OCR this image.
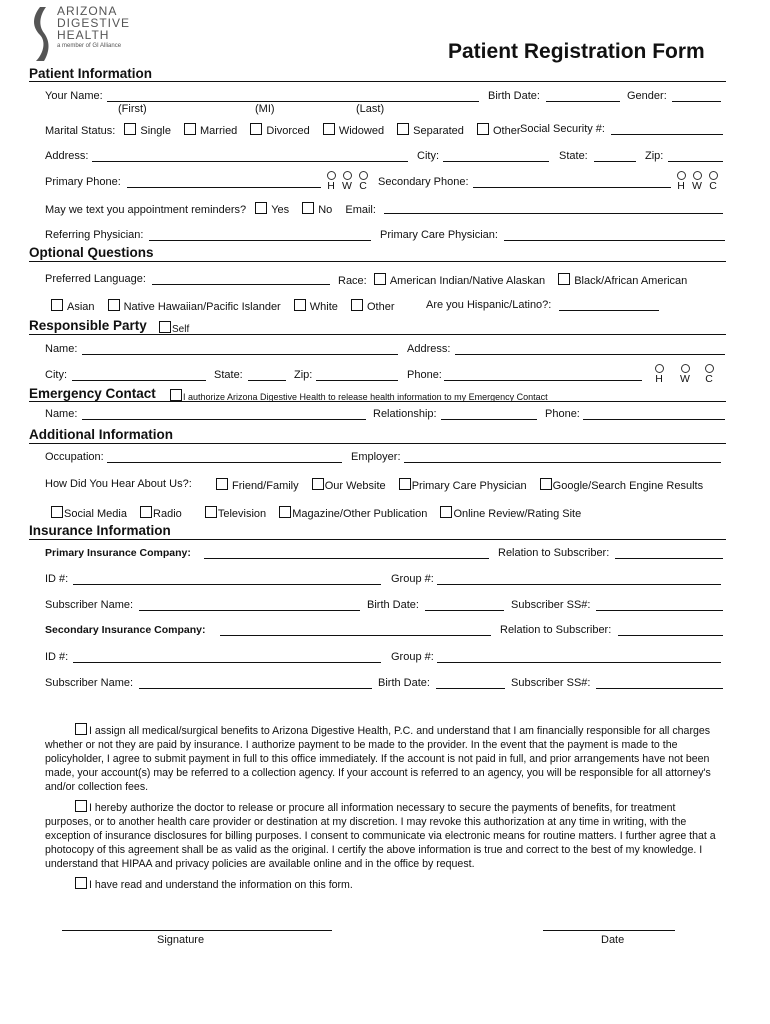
ARIZONA
DIGESTIVE
HEALTH
a member of GI Alliance	Patient Registration Form
Patient Information
Your Name:
(First)	(MI)	(Last)
Birth Date:	Gender:
Marital Status: Single	Married	Divorced	Widowed	Separated	Other Social Security #:
Address:	City:	State:	Zip:
Primary Phone:	H W C Secondary Phone:	H W C
May we text you appointment reminders? Yes	No Email:
Referring Physician:	Primary Care Physician:
Optional Questions
Preferred Language:	Race: American Indian/Native Alaskan	Black/African American
Asian	Native Hawaiian/Pacific Islander	White	Other	Are you Hispanic/Latino?:
Responsible Party	Self
Name:	Address:
City:	State:	Zip:	Phone:	H W C
Emergency Contact	I authorize Arizona Digestive Health to release health information to my Emergency Contact
Name:	Relationship:	Phone:
Additional Information
Occupation:	Employer:
How Did You Hear About Us?:	Friend/Family Our Website Primary Care Physician Google/Search Engine Results
Social Media Radio	Television Magazine/Other Publication Online Review/Rating Site
Insurance Information
Primary Insurance Company:	Relation to Subscriber:
ID #:	Group #:
Subscriber Name:	Birth Date:	Subscriber SS#:
Secondary Insurance Company:	Relation to Subscriber:
ID #:	Group #:
Subscriber Name:	Birth Date:	Subscriber SS#:
I assign all medical/surgical benefits to Arizona Digestive Health, P.C. and understand that I am financially responsible for all charges whether or not they are paid by insurance. I authorize payment to be made to the provider. In the event that the payment is made to the policyholder, I agree to submit payment in full to this office immediately. If the account is not paid in full, and prior arrangements have not been made, your account(s) may be referred to a collection agency. If your account is referred to an agency, you will be responsible for all attorney's and/or collection fees.
I hereby authorize the doctor to release or procure all information necessary to secure the payments of benefits, for treatment purposes, or to another health care provider or destination at my discretion. I may revoke this authorization at any time in writing, with the exception of insurance disclosures for billing purposes. I consent to communicate via electronic means for routine matters. I further agree that a photocopy of this agreement shall be as valid as the original. I certify the above information is true and correct to the best of my knowledge. I understand that HIPAA and privacy policies are available online and in the office by request.
I have read and understand the information on this form.
Signature	Date
